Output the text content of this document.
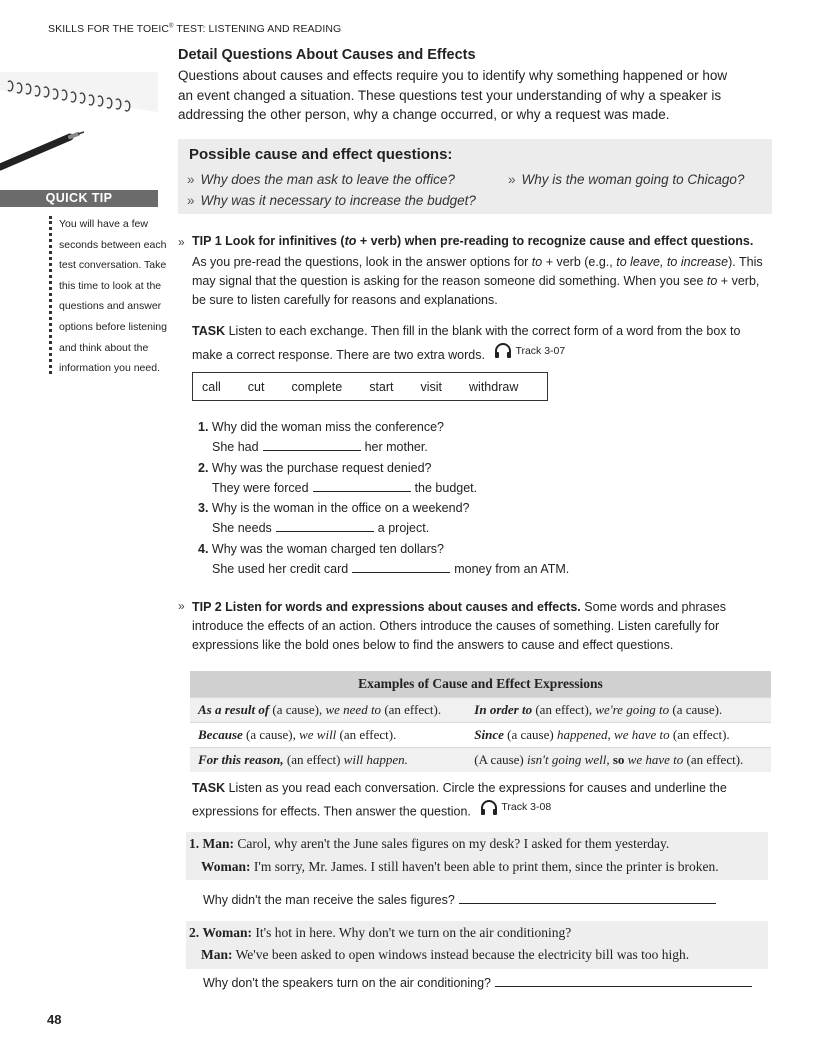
SKILLS FOR THE TOEIC® TEST: LISTENING AND READING
QUICK TIP
You will have a few
seconds between each
test conversation. Take
this time to look at the
questions and answer
options before listening
and think about the
information you need.
Detail Questions About Causes and Effects
Questions about causes and effects require you to identify why something happened or how
an event changed a situation. These questions test your understanding of why a speaker is
addressing the other person, why a change occurred, or why a request was made.
Possible cause and effect questions:
» Why does the man ask to leave the office?	» Why is the woman going to Chicago?
» Why was it necessary to increase the budget?
» TIP 1 Look for infinitives (to + verb) when pre-reading to recognize cause and effect questions.
As you pre-read the questions, look in the answer options for to + verb (e.g., to leave, to increase). This
may signal that the question is asking for the reason someone did something. When you see to + verb,
be sure to listen carefully for reasons and explanations.
TASK Listen to each exchange. Then fill in the blank with the correct form of a word from the box to
make a correct response. There are two extra words.	Track 3-07
call cut complete start visit withdraw
1. Why did the woman miss the conference?
She had	her mother.
2. Why was the purchase request denied?
They were forced	the budget.
3. Why is the woman in the office on a weekend?
She needs	a project.
4. Why was the woman charged ten dollars?
She used her credit card	money from an ATM.
» TIP 2 Listen for words and expressions about causes and effects. Some words and phrases
introduce the effects of an action. Others introduce the causes of something. Listen carefully for
expressions like the bold ones below to find the answers to cause and effect questions.
Examples of Cause and Effect Expressions	
As a result of (a cause), we need to (an effect).	In order to (an effect), we're going to (a cause).
Because (a cause), we will (an effect).	Since (a cause) happened, we have to (an effect).
For this reason, (an effect) will happen.	(A cause) isn't going well, so we have to (an effect).
TASK Listen as you read each conversation. Circle the expressions for causes and underline the
expressions for effects. Then answer the question.	Track 3-08
1. Man: Carol, why aren't the June sales figures on my desk? I asked for them yesterday.
Woman: I'm sorry, Mr. James. I still haven't been able to print them, since the printer is broken.
Why didn't the man receive the sales figures?
2. Woman: It's hot in here. Why don't we turn on the air conditioning?
Man: We've been asked to open windows instead because the electricity bill was too high.
Why don't the speakers turn on the air conditioning?
48
